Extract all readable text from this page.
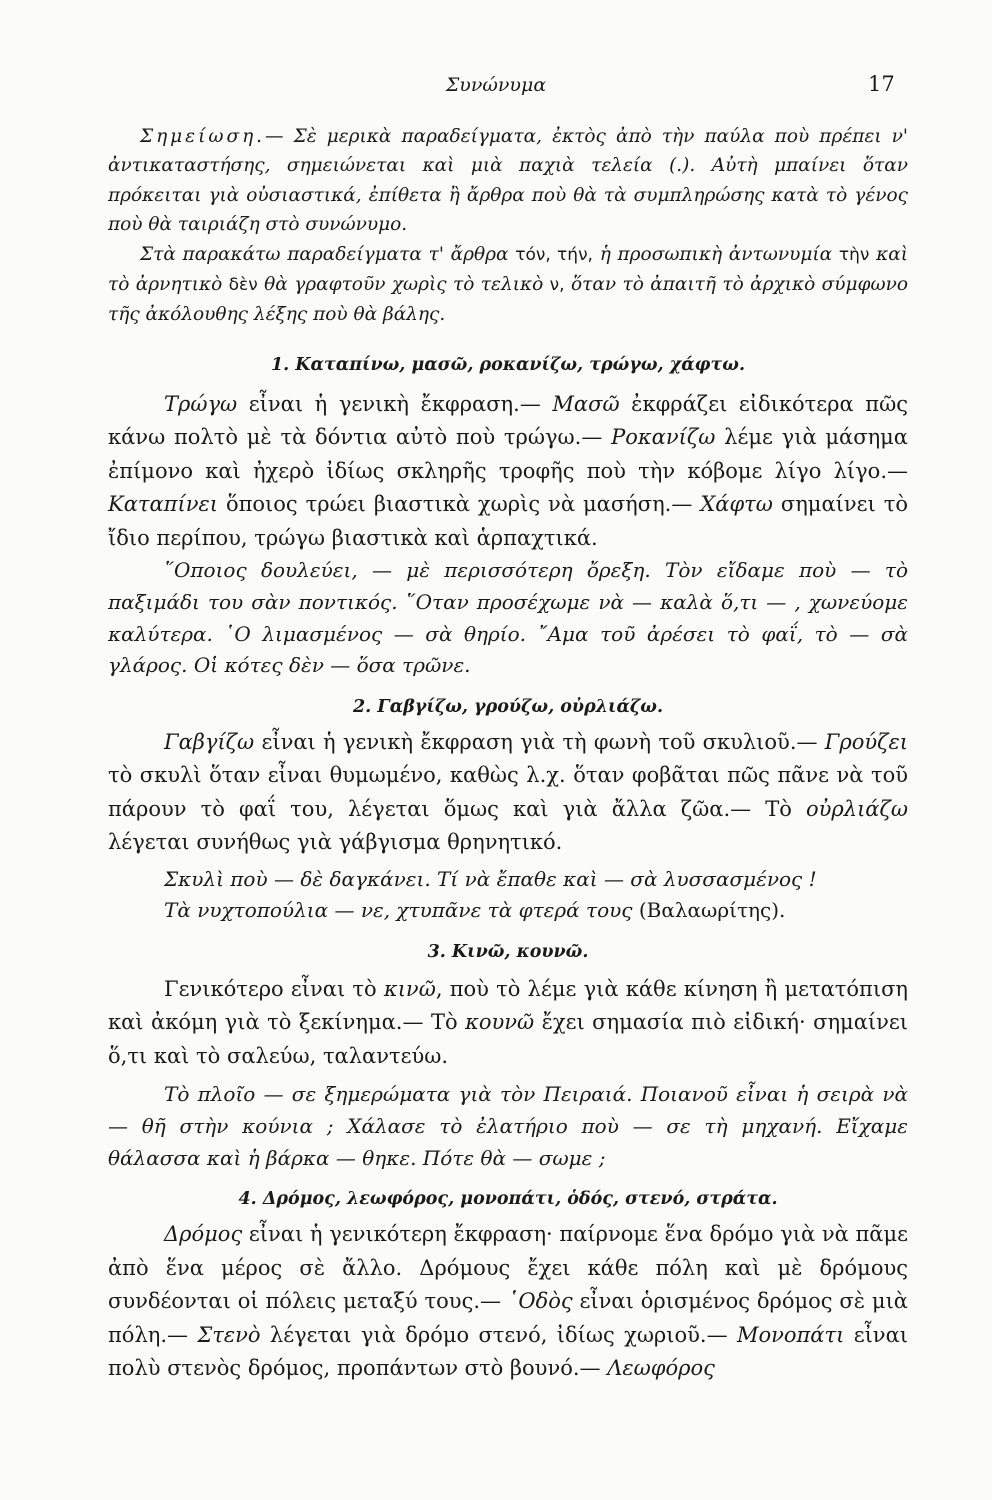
Συνώνυμα	17

Σημείωση.— Σὲ μερικὰ παραδείγματα, ἐκτὸς ἀπὸ τὴν παύλα ποὺ πρέπει ν' ἀντικαταστήσης, σημειώνεται καὶ μιὰ παχιὰ τελεία (.). Αὐτὴ μπαίνει ὅταν πρόκειται γιὰ οὐσιαστικά, ἐπίθετα ἢ ἄρθρα ποὺ θὰ τὰ συμπληρώσης κατὰ τὸ γένος ποὺ θὰ ταιριάζη στὸ συνώνυμο.

Στὰ παρακάτω παραδείγματα τ' ἄρθρα τόν, τήν, ἡ προσωπικὴ ἀντωνυμία τὴν καὶ τὸ ἀρνητικὸ δὲν θὰ γραφτοῦν χωρὶς τὸ τελικὸ ν, ὅταν τὸ ἀπαιτῆ τὸ ἀρχικὸ σύμφωνο τῆς ἀκόλουθης λέξης ποὺ θὰ βάλης.

1. Καταπίνω, μασῶ, ροκανίζω, τρώγω, χάφτω.

Τρώγω εἶναι ἡ γενικὴ ἔκφραση.— Μασῶ ἐκφράζει εἰδικότερα πῶς κάνω πολτὸ μὲ τὰ δόντια αὐτὸ ποὺ τρώγω.— Ροκανίζω λέμε γιὰ μάσημα ἐπίμονο καὶ ἠχερὸ ἰδίως σκληρῆς τροφῆς ποὺ τὴν κόβομε λίγο λίγο.— Καταπίνει ὅποιος τρώει βιαστικὰ χωρὶς νὰ μασήση.— Χάφτω σημαίνει τὸ ἴδιο περίπου, τρώγω βιαστικὰ καὶ ἁρπαχτικά.

῞Οποιος δουλεύει, — μὲ περισσότερη ὄρεξη. Τὸν εἴδαμε ποὺ — τὸ παξιμάδι του σὰν ποντικός. ῞Οταν προσέχωμε νὰ — καλὰ ὅ,τι — , χωνεύομε καλύτερα. ῾Ο λιμασμένος — σὰ θηρίο. ῎Αμα τοῦ ἀρέσει τὸ φαΐ, τὸ — σὰ γλάρος. Οἱ κότες δὲν — ὅσα τρῶνε.

2. Γαβγίζω, γρούζω, οὐρλιάζω.

Γαβγίζω εἶναι ἡ γενικὴ ἔκφραση γιὰ τὴ φωνὴ τοῦ σκυλιοῦ.— Γρούζει τὸ σκυλὶ ὅταν εἶναι θυμωμένο, καθὼς λ.χ. ὅταν φοβᾶται πῶς πᾶνε νὰ τοῦ πάρουν τὸ φαΐ του, λέγεται ὅμως καὶ γιὰ ἄλλα ζῶα.— Τὸ οὐρλιάζω λέγεται συνήθως γιὰ γάβγισμα θρηνητικό.

Σκυλὶ ποὺ — δὲ δαγκάνει. Τί νὰ ἔπαθε καὶ — σὰ λυσσασμένος !

Τὰ νυχτοπούλια — νε, χτυπᾶνε τὰ φτερά τους (Βαλαωρίτης).

3. Κινῶ, κουνῶ.

Γενικότερο εἶναι τὸ κινῶ, ποὺ τὸ λέμε γιὰ κάθε κίνηση ἢ μετατόπιση καὶ ἀκόμη γιὰ τὸ ξεκίνημα.— Τὸ κουνῶ ἔχει σημασία πιὸ εἰδική· σημαίνει ὅ,τι καὶ τὸ σαλεύω, ταλαντεύω.

Τὸ πλοῖο — σε ξημερώματα γιὰ τὸν Πειραιά. Ποιανοῦ εἶναι ἡ σειρὰ νὰ — θῆ στὴν κούνια ; Χάλασε τὸ ἐλατήριο ποὺ — σε τὴ μηχανή. Εἴχαμε θάλασσα καὶ ἡ βάρκα — θηκε. Πότε θὰ — σωμε ;

4. Δρόμος, λεωφόρος, μονοπάτι, ὁδός, στενό, στράτα.

Δρόμος εἶναι ἡ γενικότερη ἔκφραση· παίρνομε ἕνα δρόμο γιὰ νὰ πᾶμε ἀπὸ ἕνα μέρος σὲ ἄλλο. Δρόμους ἔχει κάθε πόλη καὶ μὲ δρόμους συνδέονται οἱ πόλεις μεταξύ τους.— ῾Οδὸς εἶναι ὁρισμένος δρόμος σὲ μιὰ πόλη.— Στενὸ λέγεται γιὰ δρόμο στενό, ἰδίως χωριοῦ.— Μονοπάτι εἶναι πολὺ στενὸς δρόμος, προπάντων στὸ βουνό.— Λεωφόρος
